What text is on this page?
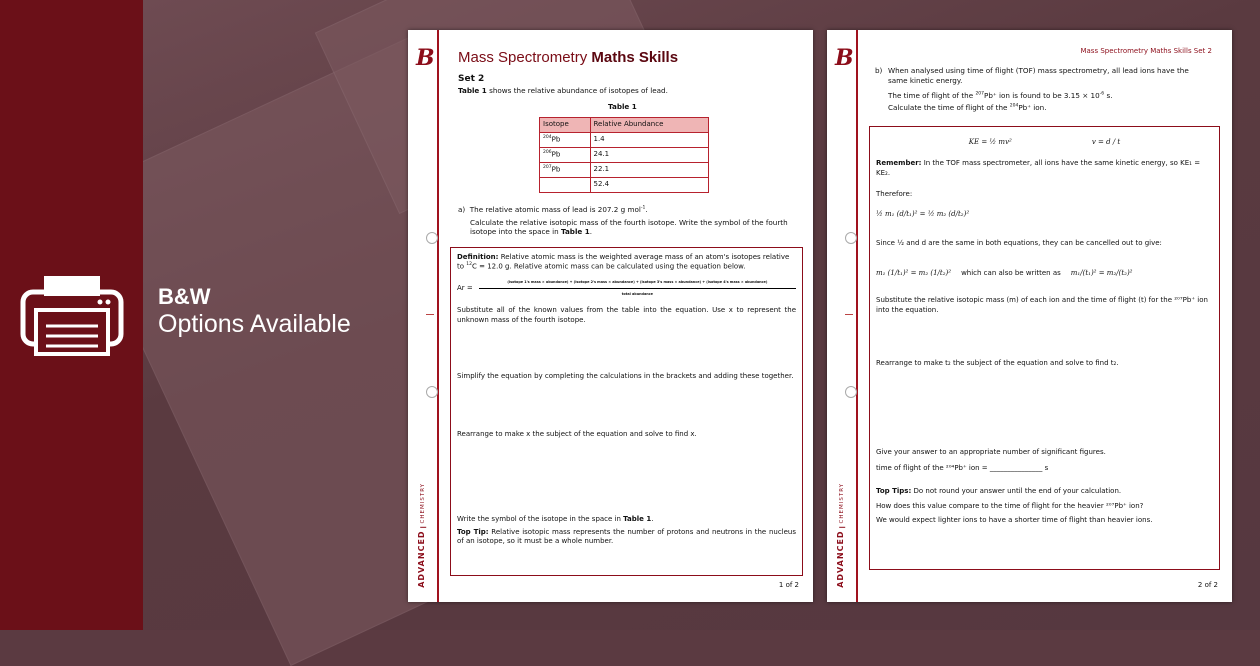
B&W
Options Available
B
ADVANCEDCHEMISTRY
Mass Spectrometry Maths Skills
Set 2
Table 1 shows the relative abundance of isotopes of lead.
Table 1
Isotope	Relative Abundance
$^{204}$Pb	1.4
$^{206}$Pb	24.1
$^{207}$Pb	22.1
	52.4
a) The relative atomic mass of lead is 207.2 g mol$^{-1}$.
Calculate the relative isotopic mass of the fourth isotope. Write the symbol of the fourth isotope into the space in Table 1.
Definition: Relative atomic mass is the weighted average mass of an atom's isotopes relative to $^{12}$C = 12.0 g. Relative atomic mass can be calculated using the equation below.
Ar =
(isotope 1's mass × abundance) + (isotope 2's mass × abundance) + (isotope 3's mass × abundance) + (isotope 4's mass × abundance)
total abundance
Substitute all of the known values from the table into the equation. Use x to represent the unknown mass of the fourth isotope.
Simplify the equation by completing the calculations in the brackets and adding these together.
Rearrange to make x the subject of the equation and solve to find x.
Write the symbol of the isotope in the space in Table 1.
Top Tip: Relative isotopic mass represents the number of protons and neutrons in the nucleus of an isotope, so it must be a whole number.
1 of 2
B
ADVANCEDCHEMISTRY
Mass Spectrometry Maths Skills Set 2
b) When analysed using time of flight (TOF) mass spectrometry, all lead ions have the same kinetic energy.
The time of flight of the $^{207}$Pb⁺ ion is found to be $3.15 \times 10^{-6}$ s.
Calculate the time of flight of the $^{204}$Pb⁺ ion.
KE = ½ mv²	v = d / t
Remember: In the TOF mass spectrometer, all ions have the same kinetic energy, so KE₁ = KE₂.
Therefore:
½ m₁ (d/t₁)² = ½ m₂ (d/t₂)²
Since ½ and d are the same in both equations, they can be cancelled out to give:
m₁ (1/t₁)² = m₂ (1/t₂)² which can also be written as m₁/(t₁)² = m₂/(t₂)²
Substitute the relative isotopic mass (m) of each ion and the time of flight (t) for the ²⁰⁷Pb⁺ ion into the equation.
Rearrange to make t₂ the subject of the equation and solve to find t₂.
Give your answer to an appropriate number of significant figures.
time of flight of the ²⁰⁴Pb⁺ ion = _______________ s
Top Tips: Do not round your answer until the end of your calculation.
How does this value compare to the time of flight for the heavier ²⁰⁷Pb⁺ ion?
We would expect lighter ions to have a shorter time of flight than heavier ions.
2 of 2
